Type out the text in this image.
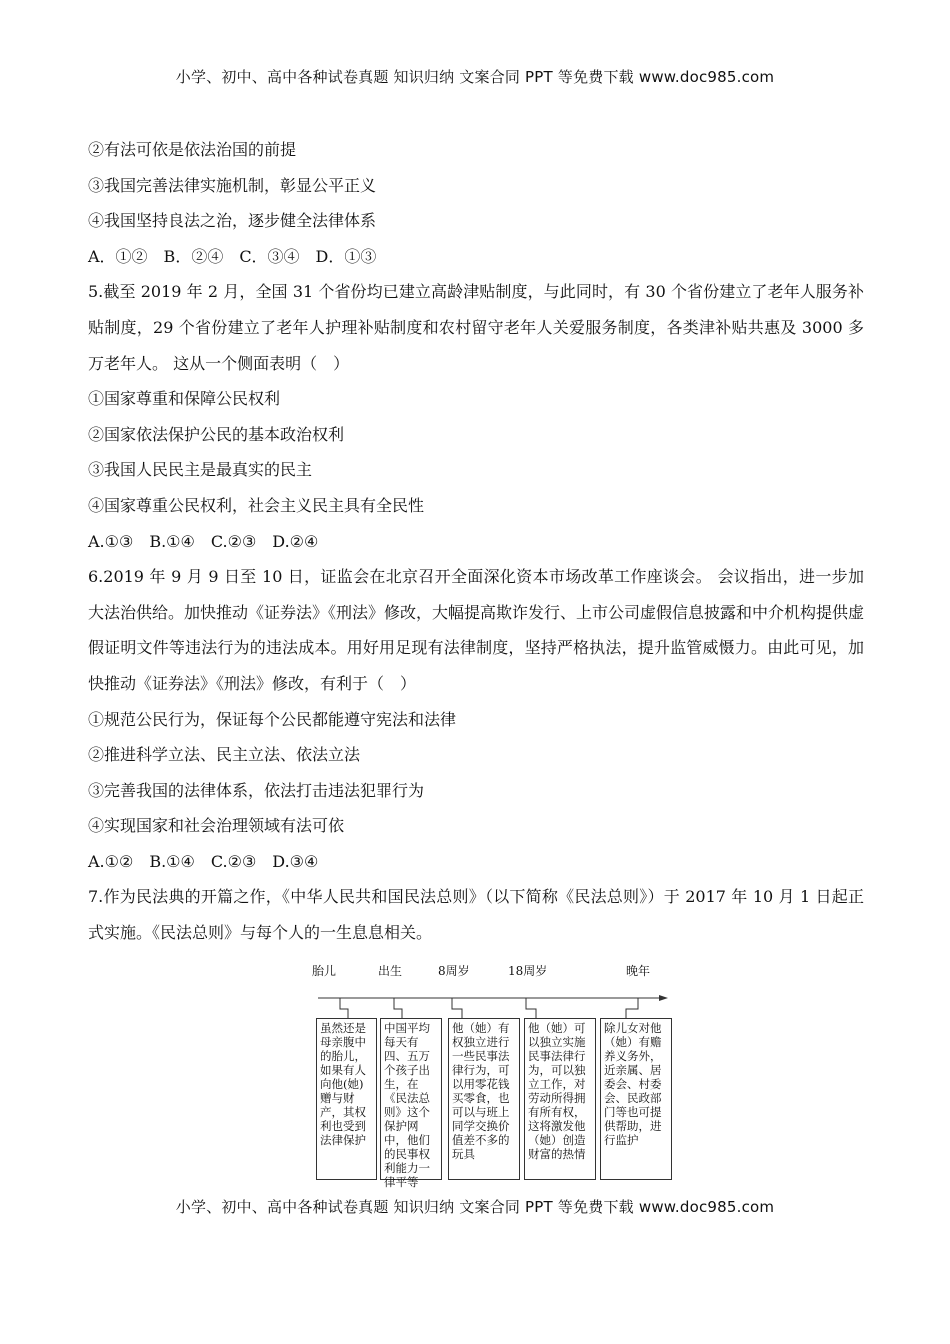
小学、初中、高中各种试卷真题 知识归纳 文案合同 PPT 等免费下载 www.doc985.com
②有法可依是依法治国的前提
③我国完善法律实施机制，彰显公平正义
④我国坚持良法之治，逐步健全法律体系
A．①②　B．②④　C．③④　D．①③
5.截至 2019 年 2 月，全国 31 个省份均已建立高龄津贴制度，与此同时，有 30 个省份建立了老年人服务补贴制度，29 个省份建立了老年人护理补贴制度和农村留守老年人关爱服务制度，各类津补贴共惠及 3000 多万老年人。 这从一个侧面表明（　）
①国家尊重和保障公民权利
②国家依法保护公民的基本政治权利
③我国人民民主是最真实的民主
④国家尊重公民权利，社会主义民主具有全民性
A.①③　B.①④　C.②③　D.②④
6.2019 年 9 月 9 日至 10 日，证监会在北京召开全面深化资本市场改革工作座谈会。 会议指出，进一步加大法治供给。加快推动《证券法》《刑法》修改，大幅提高欺诈发行、上市公司虚假信息披露和中介机构提供虚假证明文件等违法行为的违法成本。用好用足现有法律制度，坚持严格执法，提升监管威慑力。由此可见，加快推动《证券法》《刑法》修改，有利于（　）
①规范公民行为，保证每个公民都能遵守宪法和法律
②推进科学立法、民主立法、依法立法
③完善我国的法律体系，依法打击违法犯罪行为
④实现国家和社会治理领域有法可依
A.①②　B.①④　C.②③　D.③④
7.作为民法典的开篇之作，《中华人民共和国民法总则》（以下简称《民法总则》）于 2017 年 10 月 1 日起正式实施。《民法总则》与每个人的一生息息相关。
胎儿	出生	8周岁	18周岁	晚年
虽然还是母亲腹中的胎儿，如果有人向他(她)赠与财产，其权利也受到法律保护
中国平均每天有四、五万个孩子出生，在《民法总则》这个保护网中，他们的民事权利能力一律平等
他（她）有权独立进行一些民事法律行为，可以用零花钱买零食，也可以与班上同学交换价值差不多的玩具
他（她）可以独立实施民事法律行为，可以独立工作，对劳动所得拥有所有权，这将激发他（她）创造财富的热情
除儿女对他（她）有赡养义务外，近亲属、居委会、村委会、民政部门等也可提供帮助，进行监护
小学、初中、高中各种试卷真题 知识归纳 文案合同 PPT 等免费下载 www.doc985.com
